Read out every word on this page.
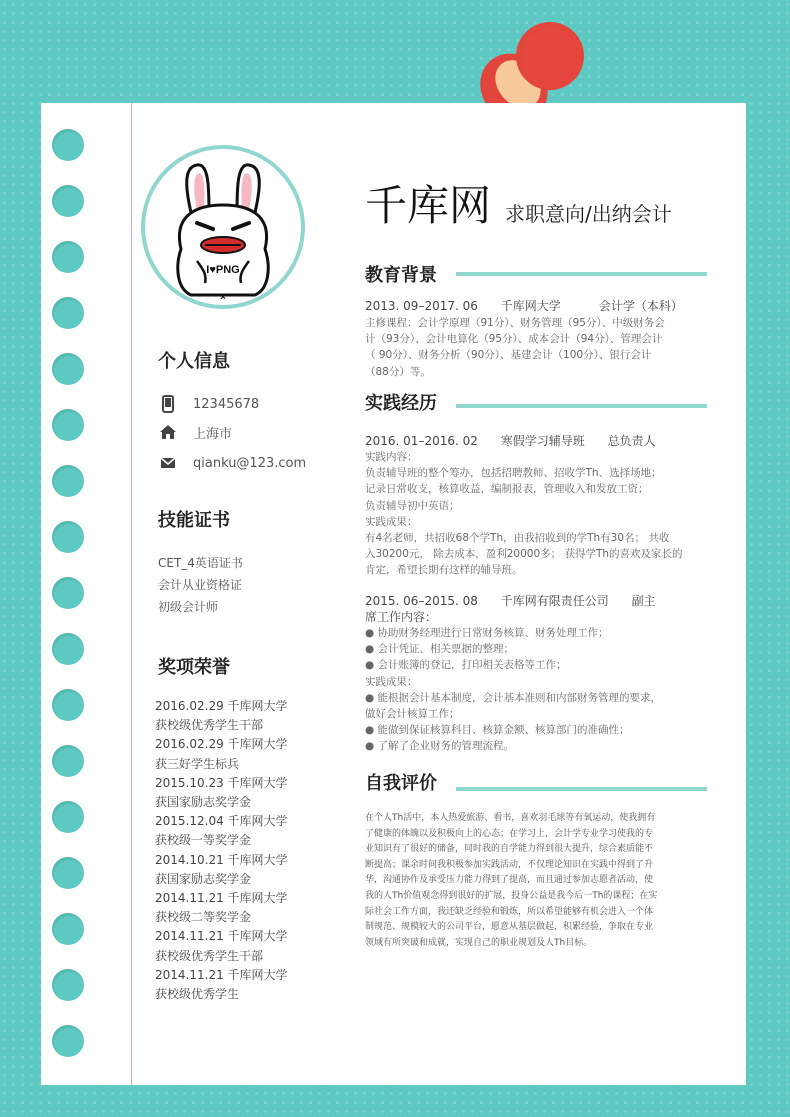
I♥PNG
×
个人信息
12345678
上海市
qianku@123.com
技能证书
CET_4英语证书
会计从业资格证
初级会计师
奖项荣誉
2016.02.29 千库网大学
获校级优秀学生干部
2016.02.29 千库网大学
获三好学生标兵
2015.10.23 千库网大学
获国家励志奖学金
2015.12.04 千库网大学
获校级一等奖学金
2014.10.21 千库网大学
获国家励志奖学金
2014.11.21 千库网大学
获校级二等奖学金
2014.11.21 千库网大学
获校级优秀学生干部
2014.11.21 千库网大学
获校级优秀学生
千库网 求职意向/出纳会计
教育背景
2013. 09–2017. 06      千库网大学          会计学（本科）
主修课程：会计学原理（91分）、财务管理（95分）、中级财务会
计（93分）、会计电算化（95分）、成本会计（94分）、管理会计
（ 90分）、财务分析（90分）、基建会计（100分）、银行会计
（88分）等。
实践经历
2016. 01–2016. 02      寒假学习辅导班      总负责人
实践内容：
负责辅导班的整个筹办，包括招聘教师、招收学Th、选择场地；
记录日常收支，核算收益，编制报表，管理收入和发放工资；
负责辅导初中英语；
实践成果：
有4名老师，共招收68个学Th，由我招收到的学Th有30名； 共收
入30200元， 除去成本，盈利20000多； 获得学Th的喜欢及家长的
肯定，希望长期有这样的辅导班。
2015. 06–2015. 08      千库网有限责任公司      副主
席工作内容：
● 协助财务经理进行日常财务核算、财务处理工作；
● 会计凭证、相关票据的整理；
● 会计账簿的登记，打印相关表格等工作；
实践成果：
● 能根据会计基本制度，会计基本准则和内部财务管理的要求，
做好会计核算工作；
● 能做到保证核算科目、核算金额、核算部门的准确性；
● 了解了企业财务的管理流程。
自我评价
在个人Th活中，本人热爱旅游、看书，喜欢羽毛球等有氧运动，使我拥有
了健康的体魄以及积极向上的心态；在学习上，会计学专业学习使我的专
业知识有了很好的储备，同时我的自学能力得到很大提升，综合素质能不
断提高；课余时间我积极参加实践活动，不仅理论知识在实践中得到了升
华，沟通协作及承受压力能力得到了提高，而且通过参加志愿者活动，使
我的人Th价值观念得到很好的扩展，投身公益是我今后一Th的课程；在实
际社会工作方面，我还缺乏经验和锻炼，所以希望能够有机会进入一个体
制规范、规模较大的公司平台，愿意从基层做起，积累经验，争取在专业
领域有所突破和成就，实现自己的职业规划及人Th目标。
